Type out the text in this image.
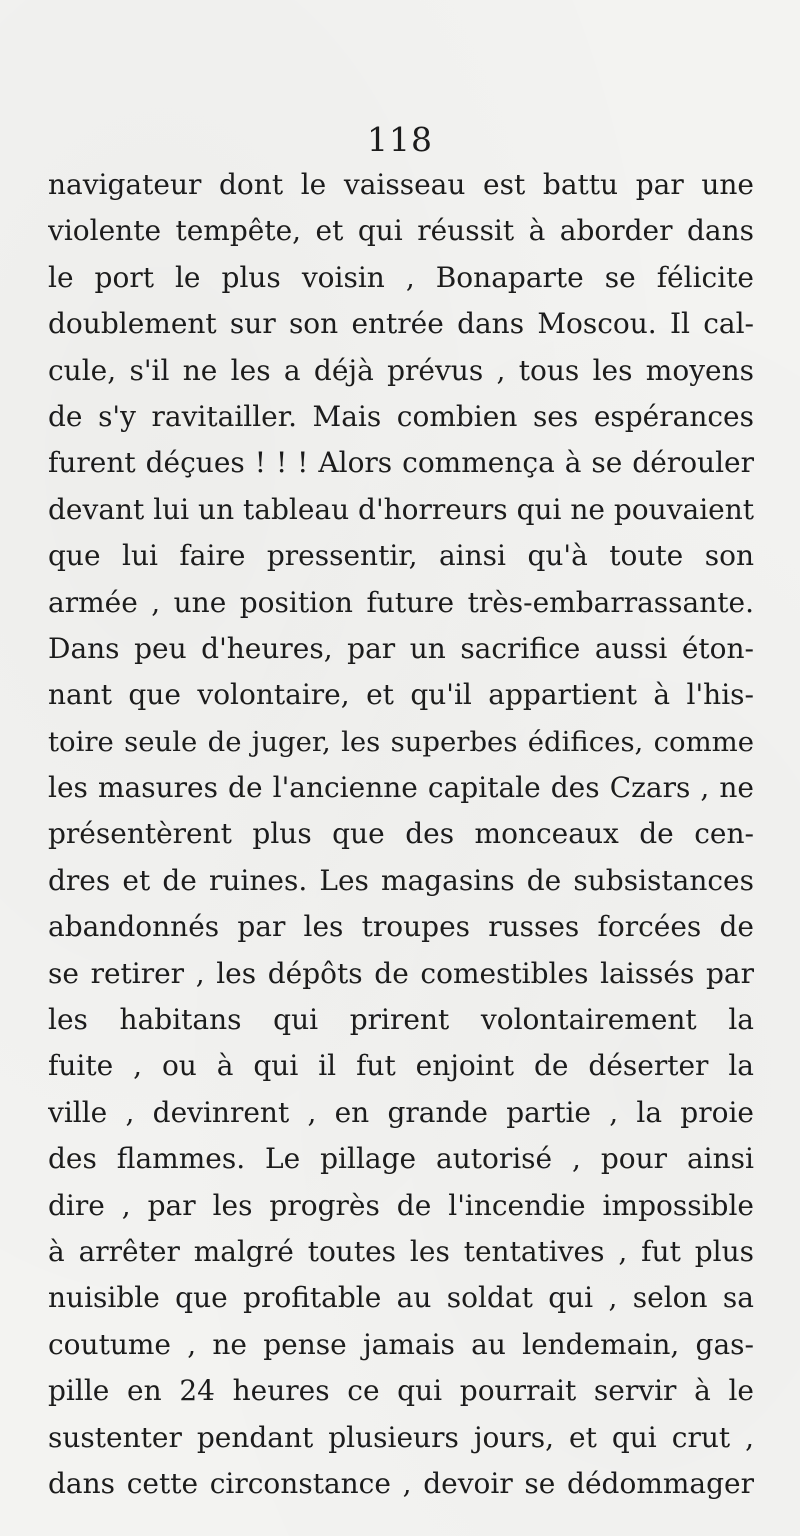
118
navigateur dont le vaisseau est battu par une
violente tempête, et qui réussit à aborder dans
le port le plus voisin , Bonaparte se félicite
doublement sur son entrée dans Moscou. Il cal-
cule, s'il ne les a déjà prévus , tous les moyens
de s'y ravitailler. Mais combien ses espérances
furent déçues ! ! ! Alors commença à se dérouler
devant lui un tableau d'horreurs qui ne pouvaient
que lui faire pressentir, ainsi qu'à toute son
armée , une position future très-embarrassante.
Dans peu d'heures, par un sacrifice aussi éton-
nant que volontaire, et qu'il appartient à l'his-
toire seule de juger, les superbes édifices, comme
les masures de l'ancienne capitale des Czars , ne
présentèrent plus que des monceaux de cen-
dres et de ruines. Les magasins de subsistances
abandonnés par les troupes russes forcées de
se retirer , les dépôts de comestibles laissés par
les habitans qui prirent volontairement la
fuite , ou à qui il fut enjoint de déserter la
ville , devinrent , en grande partie , la proie
des flammes. Le pillage autorisé , pour ainsi
dire , par les progrès de l'incendie impossible
à arrêter malgré toutes les tentatives , fut plus
nuisible que profitable au soldat qui , selon sa
coutume , ne pense jamais au lendemain, gas-
pille en 24 heures ce qui pourrait servir à le
sustenter pendant plusieurs jours, et qui crut ,
dans cette circonstance , devoir se dédommager
